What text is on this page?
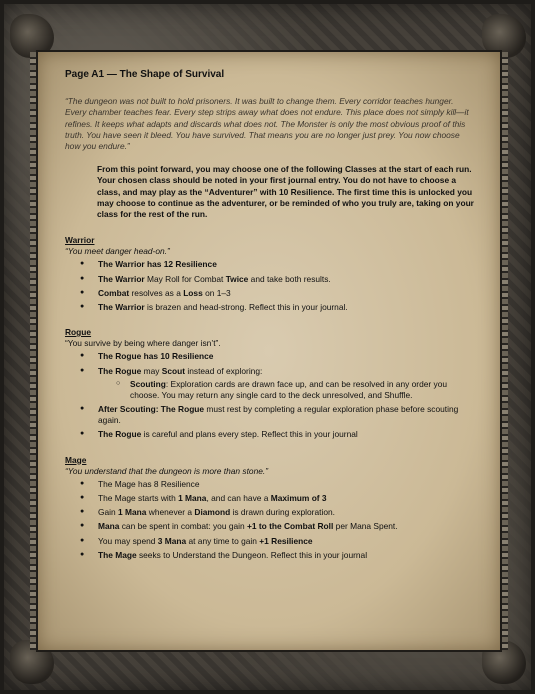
Page A1 — The Shape of Survival

“The dungeon was not built to hold prisoners. It was built to change them. Every corridor teaches hunger. Every chamber teaches fear. Every step strips away what does not endure. This place does not simply kill—it refines. It keeps what adapts and discards what does not. The Monster is only the most obvious proof of this truth. You have seen it bleed. You have survived. That means you are no longer just prey. You now choose how you endure.”

From this point forward, you may choose one of the following Classes at the start of each run. Your chosen class should be noted in your first journal entry. You do not have to choose a class, and may play as the “Adventurer” with 10 Resilience. The first time this is unlocked you may choose to continue as the adventurer, or be reminded of who you truly are, taking on your class for the rest of the run.

Warrior

“You meet danger head-on.”

● The Warrior has 12 Resilience
● The Warrior May Roll for Combat Twice and take both results.
● Combat resolves as a Loss on 1–3
● The Warrior is brazen and head-strong. Reflect this in your journal.

Rogue

“You survive by being where danger isn’t”.

● The Rogue has 10 Resilience
● The Rogue may Scout instead of exploring:
○ Scouting: Exploration cards are drawn face up, and can be resolved in any order you choose. You may return any single card to the deck unresolved, and Shuffle.
● After Scouting: The Rogue must rest by completing a regular exploration phase before scouting again.
● The Rogue is careful and plans every step. Reflect this in your journal

Mage

“You understand that the dungeon is more than stone.”

● The Mage has 8 Resilience
● The Mage starts with 1 Mana, and can have a Maximum of 3
● Gain 1 Mana whenever a Diamond is drawn during exploration.
● Mana can be spent in combat: you gain +1 to the Combat Roll per Mana Spent.
● You may spend 3 Mana at any time to gain +1 Resilience
● The Mage seeks to Understand the Dungeon. Reflect this in your journal
